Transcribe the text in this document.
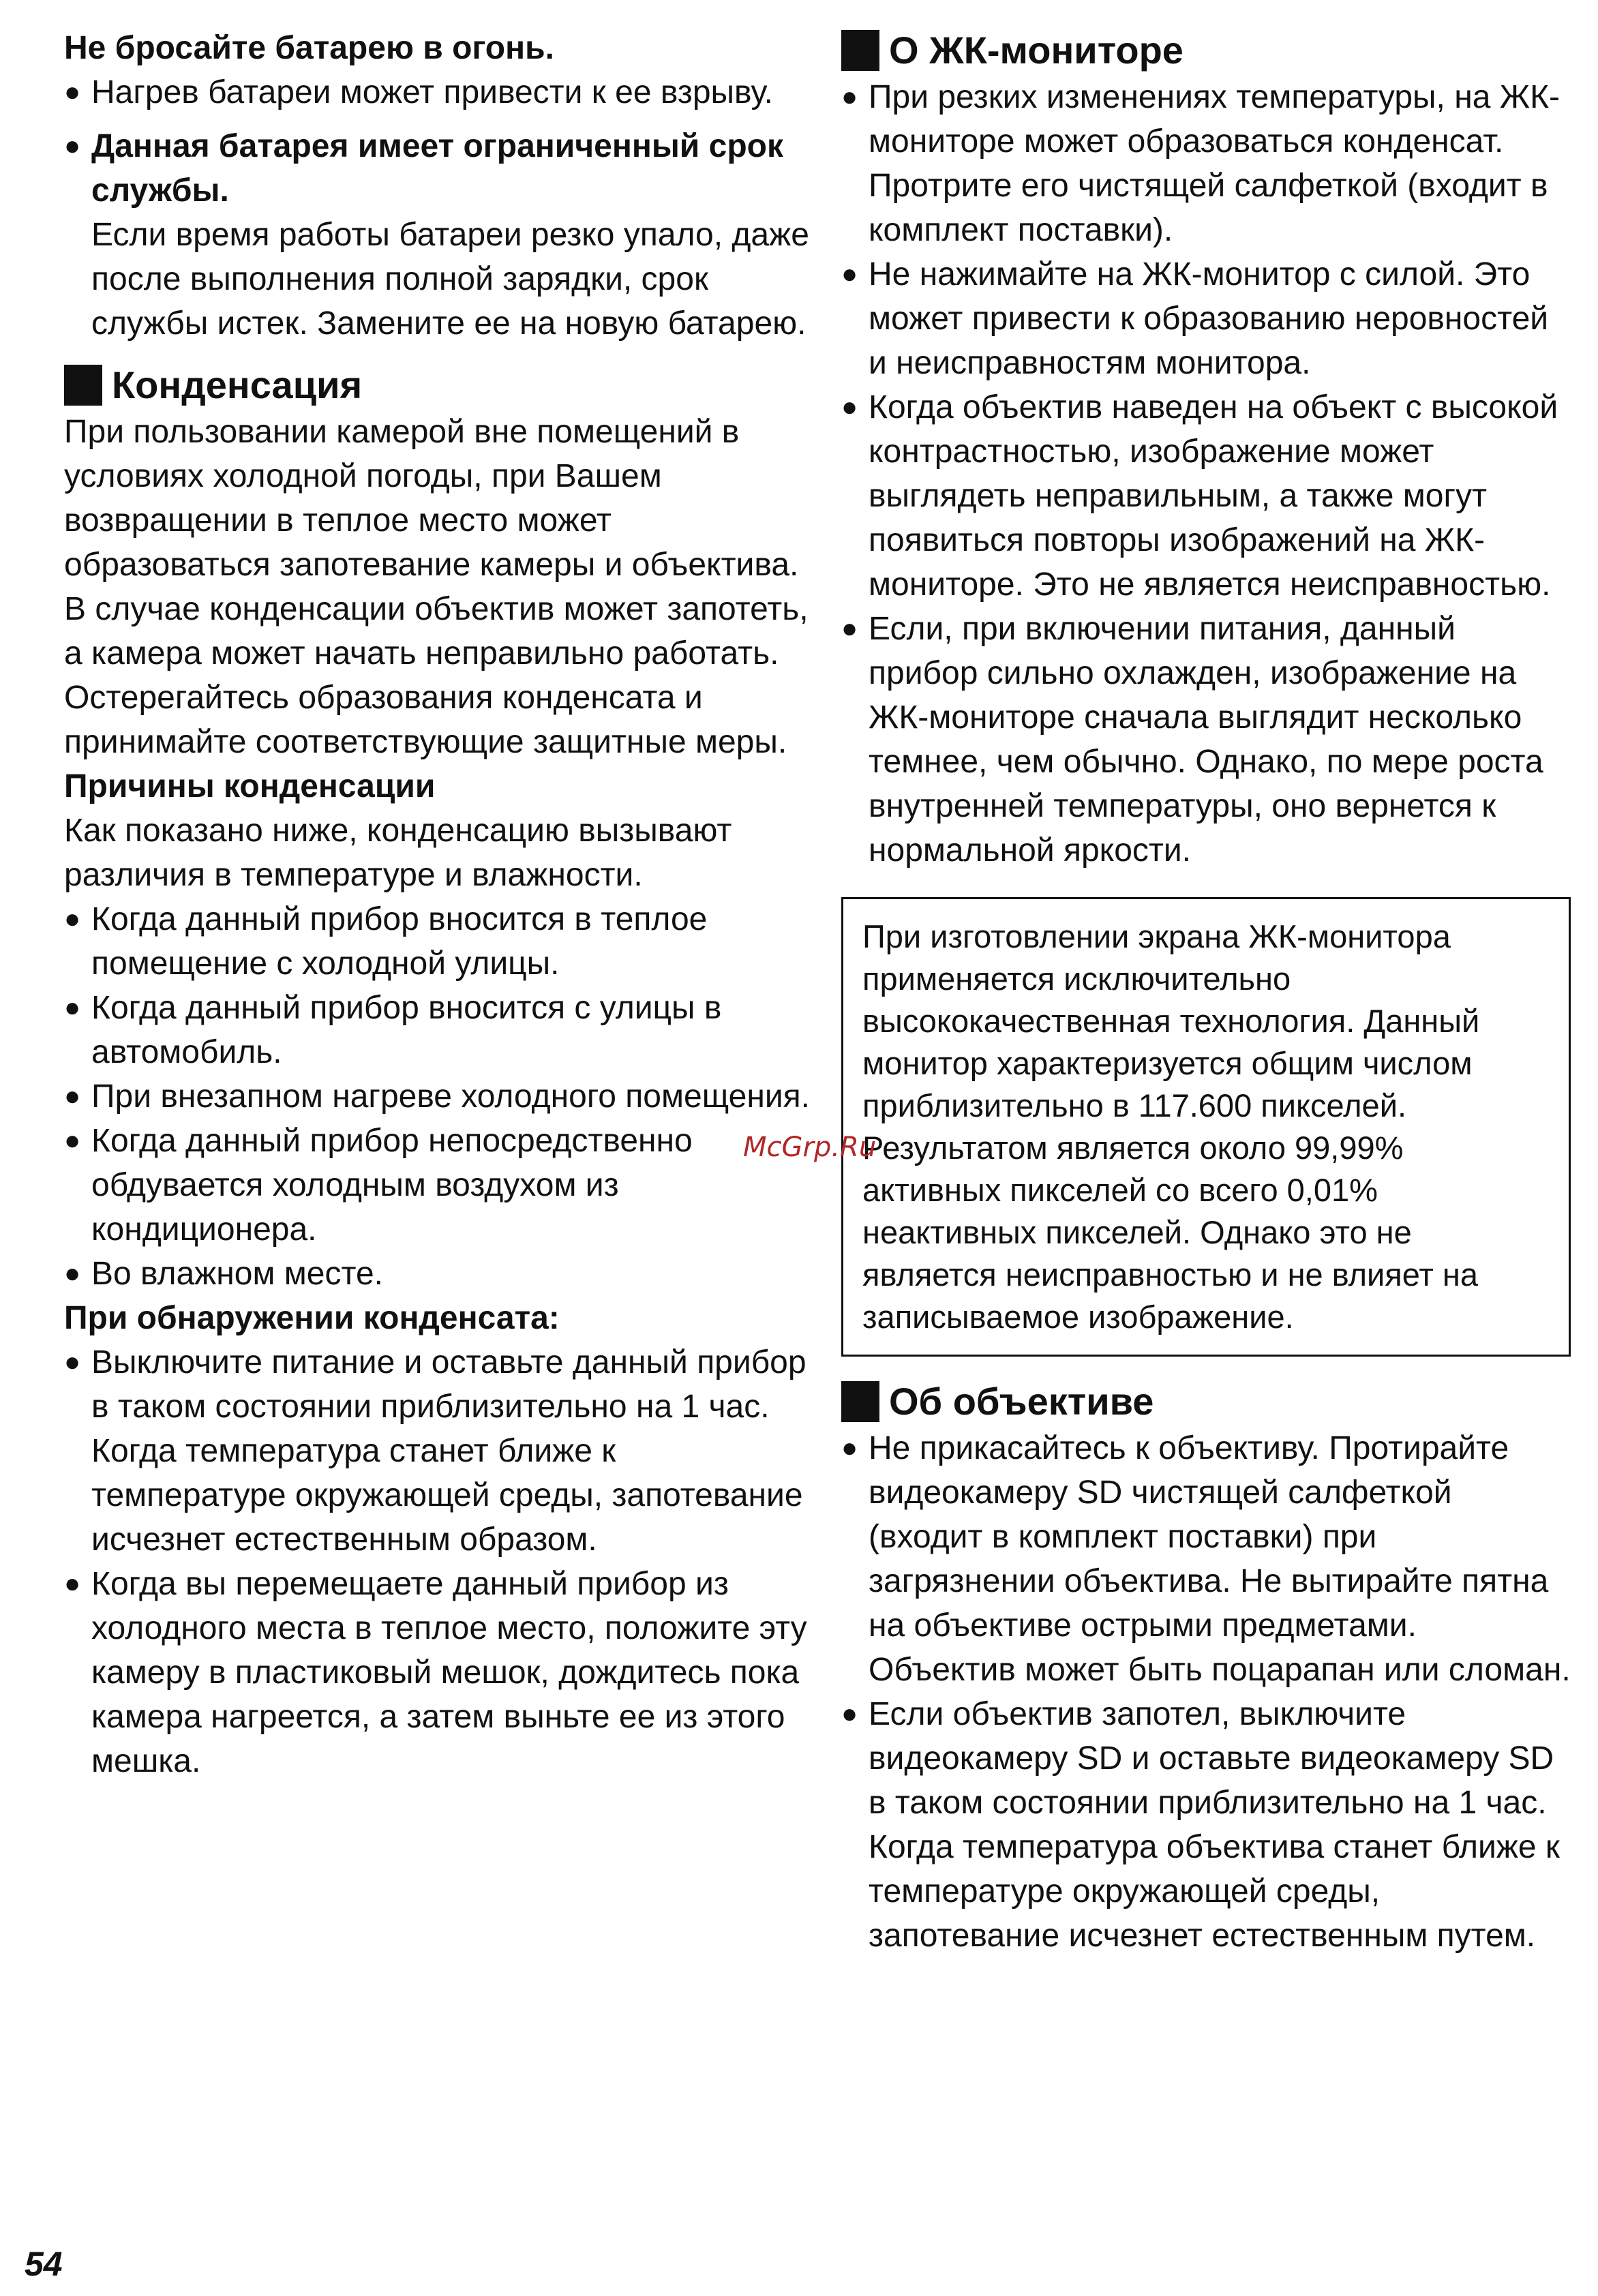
Не бросайте батарею в огонь.

● Нагрев батареи может привести к ее взрыву.

● Данная батарея имеет ограниченный срок службы.

Если время работы батареи резко упало, даже после выполнения полной зарядки, срок службы истек. Замените ее на новую батарею.

Конденсация

При пользовании камерой вне помещений в условиях холодной погоды, при Вашем возвращении в теплое место может образоваться запотевание камеры и объектива.

В случае конденсации объектив может запотеть, а камера может начать неправильно работать. Остерегайтесь образования конденсата и принимайте соответствующие защитные меры.

Причины конденсации

Как показано ниже, конденсацию вызывают различия в температуре и влажности.

● Когда данный прибор вносится в теплое помещение с холодной улицы.

● Когда данный прибор вносится с улицы в автомобиль.

● При внезапном нагреве холодного помещения.

● Когда данный прибор непосредственно обдувается холодным воздухом из кондиционера.

● Во влажном месте.

При обнаружении конденсата:

● Выключите питание и оставьте данный прибор в таком состоянии приблизительно на 1 час. Когда температура станет ближе к температуре окружающей среды, запотевание исчезнет естественным образом.

● Когда вы перемещаете данный прибор из холодного места в теплое место, положите эту камеру в пластиковый мешок, дождитесь пока камера нагреется, а затем выньте ее из этого мешка.

О ЖК-мониторе

● При резких изменениях температуры, на ЖК-мониторе может образоваться конденсат. Протрите его чистящей салфеткой (входит в комплект поставки).

● Не нажимайте на ЖК-монитор с силой. Это может привести к образованию неровностей и неисправностям монитора.

● Когда объектив наведен на объект с высокой контрастностью, изображение может выглядеть неправильным, а также могут появиться повторы изображений на ЖК-мониторе. Это не является неисправностью.

● Если, при включении питания, данный прибор сильно охлажден, изображение на ЖК-мониторе сначала выглядит несколько темнее, чем обычно. Однако, по мере роста внутренней температуры, оно вернется к нормальной яркости.

При изготовлении экрана ЖК-монитора применяется исключительно высококачественная технология. Данный монитор характеризуется общим числом приблизительно в 117.600 пикселей. Результатом является около 99,99% активных пикселей со всего 0,01% неактивных пикселей. Однако это не является неисправностью и не влияет на записываемое изображение.

Об объективе

● Не прикасайтесь к объективу. Протирайте видеокамеру SD чистящей салфеткой (входит в комплект поставки) при загрязнении объектива. Не вытирайте пятна на объективе острыми предметами. Объектив может быть поцарапан или сломан.

● Если объектив запотел, выключите видеокамеру SD и оставьте видеокамеру SD в таком состоянии приблизительно на 1 час. Когда температура объектива станет ближе к температуре окружающей среды, запотевание исчезнет естественным путем.

McGrp.Ru
54
